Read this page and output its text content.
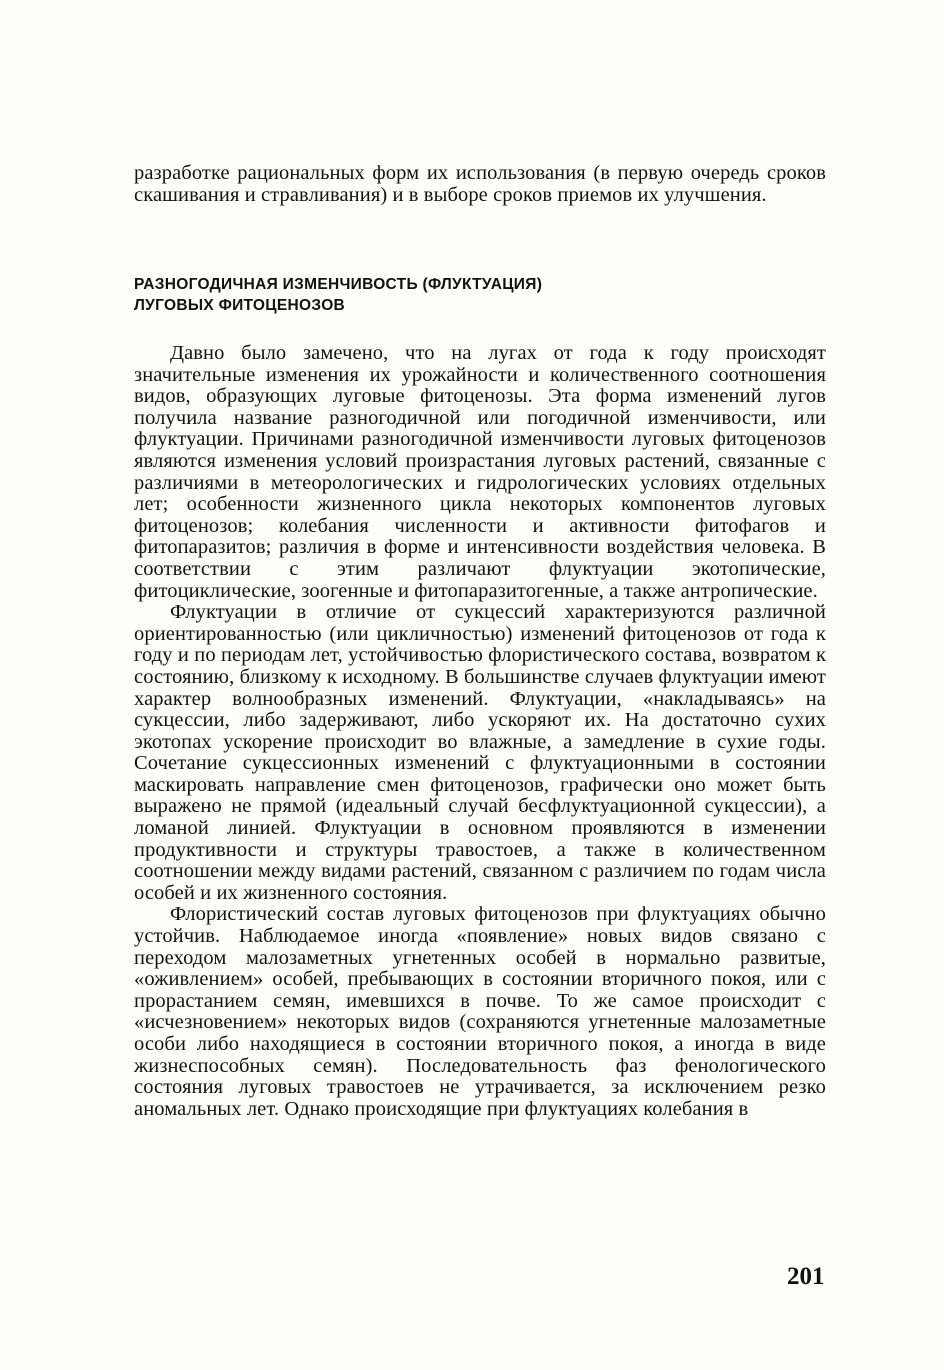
разработке рациональных форм их использования (в первую очередь сроков скашивания и стравливания) и в выборе сроков приемов их улучшения.

РАЗНОГОДИЧНАЯ ИЗМЕНЧИВОСТЬ (ФЛУКТУАЦИЯ)
ЛУГОВЫХ ФИТОЦЕНОЗОВ

Давно было замечено, что на лугах от года к году происходят значительные изменения их урожайности и количественного соотношения видов, образующих луговые фитоценозы. Эта форма изменений лугов получила название разногодичной или погодичной изменчивости, или флуктуации. Причинами разногодичной изменчивости луговых фитоценозов являются изменения условий произрастания луговых растений, связанные с различиями в метеорологических и гидрологических условиях отдельных лет; особенности жизненного цикла некоторых компонентов луговых фитоценозов; колебания численности и активности фитофагов и фитопаразитов; различия в форме и интенсивности воздействия человека. В соответствии с этим различают флуктуации экотопические, фитоциклические, зоогенные и фитопаразитогенные, а также антропические.

Флуктуации в отличие от сукцессий характеризуются различной ориентированностью (или цикличностью) изменений фитоценозов от года к году и по периодам лет, устойчивостью флористического состава, возвратом к состоянию, близкому к исходному. В большинстве случаев флуктуации имеют характер волнообразных изменений. Флуктуации, «накладываясь» на сукцессии, либо задерживают, либо ускоряют их. На достаточно сухих экотопах ускорение происходит во влажные, а замедление в сухие годы. Сочетание сукцессионных изменений с флуктуационными в состоянии маскировать направление смен фитоценозов, графически оно может быть выражено не прямой (идеальный случай бесфлуктуационной сукцессии), а ломаной линией. Флуктуации в основном проявляются в изменении продуктивности и структуры травостоев, а также в количественном соотношении между видами растений, связанном с различием по годам числа особей и их жизненного состояния.

Флористический состав луговых фитоценозов при флуктуациях обычно устойчив. Наблюдаемое иногда «появление» новых видов связано с переходом малозаметных угнетенных особей в нормально развитые, «оживлением» особей, пребывающих в состоянии вторичного покоя, или с прорастанием семян, имевшихся в почве. То же самое происходит с «исчезновением» некоторых видов (сохраняются угнетенные малозаметные особи либо находящиеся в состоянии вторичного покоя, а иногда в виде жизнеспособных семян). Последовательность фаз фенологического состояния луговых травостоев не утрачивается, за исключением резко аномальных лет. Однако происходящие при флуктуациях колебания в

201
